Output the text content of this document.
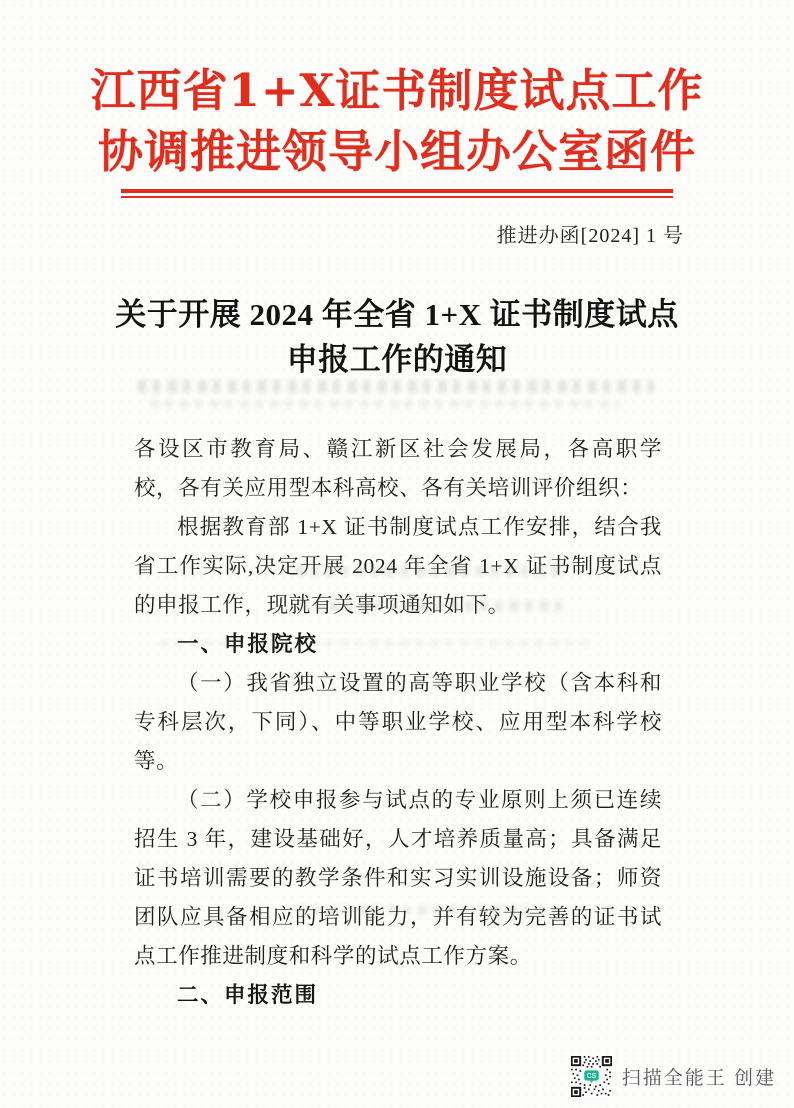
江西省1+X证书制度试点工作
协调推进领导小组办公室函件
推进办函[2024] 1 号
关于开展 2024 年全省 1+X 证书制度试点申报工作的通知

各设区市教育局、赣江新区社会发展局，各高职学校，各有关应用型本科高校、各有关培训评价组织：

根据教育部 1+X 证书制度试点工作安排，结合我省工作实际,决定开展 2024 年全省 1+X 证书制度试点的申报工作，现就有关事项通知如下。

一、申报院校

（一）我省独立设置的高等职业学校（含本科和专科层次，下同）、中等职业学校、应用型本科学校等。

（二）学校申报参与试点的专业原则上须已连续招生 3 年，建设基础好，人才培养质量高；具备满足证书培训需要的教学条件和实习实训设施设备；师资团队应具备相应的培训能力，并有较为完善的证书试点工作推进制度和科学的试点工作方案。

二、申报范围

CS 扫描全能王 创建
